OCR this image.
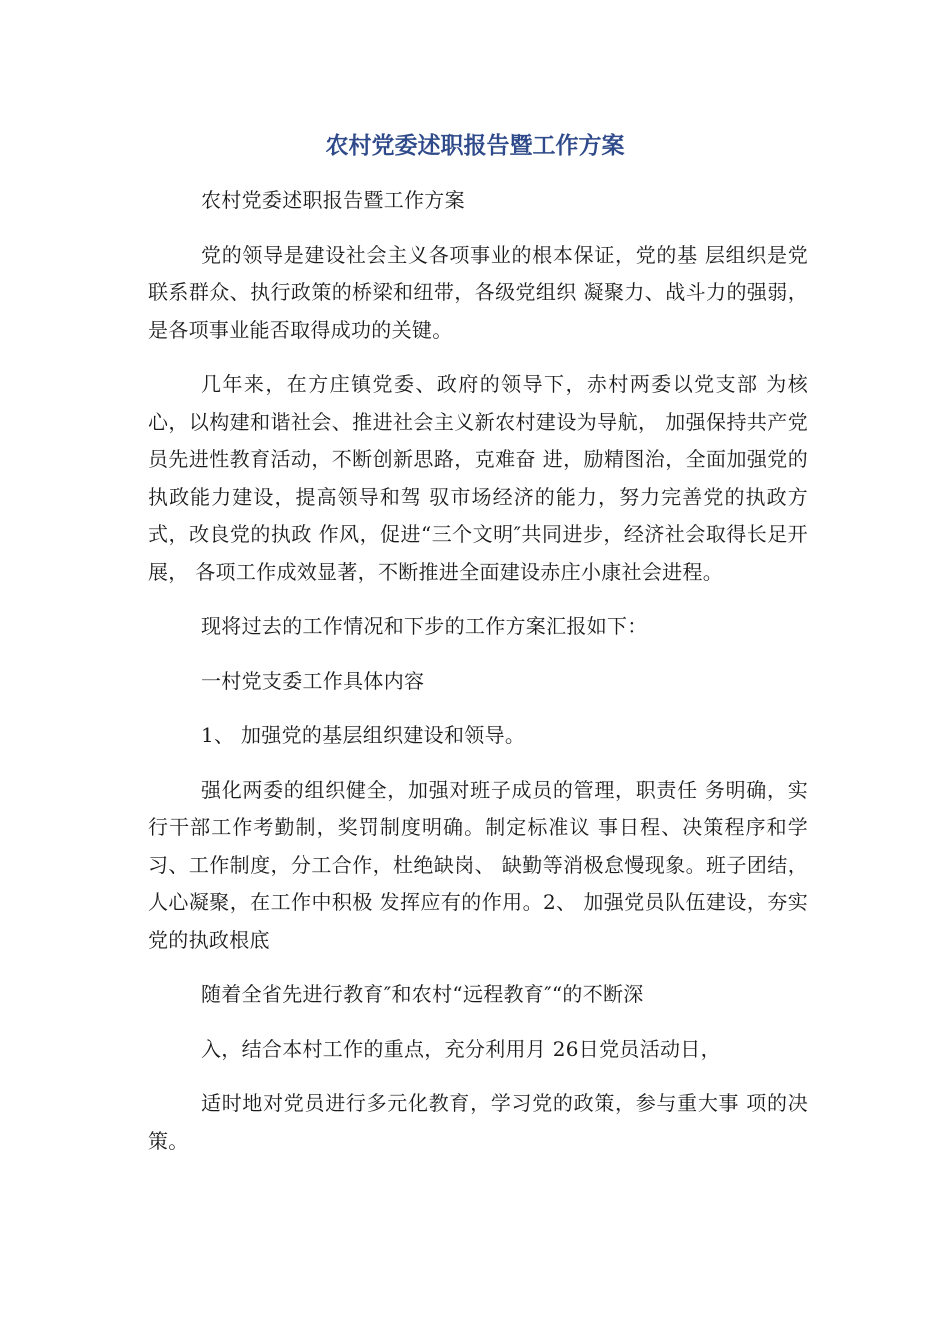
农村党委述职报告暨工作方案

农村党委述职报告暨工作方案

党的领导是建设社会主义各项事业的根本保证，党的基 层组织是党联系群众、执行政策的桥梁和纽带，各级党组织 凝聚力、战斗力的强弱，是各项事业能否取得成功的关键。

几年来，在方庄镇党委、政府的领导下，赤村两委以党支部 为核心，以构建和谐社会、推进社会主义新农村建设为导航， 加强保持共产党员先进性教育活动，不断创新思路，克难奋 进，励精图治，全面加强党的执政能力建设，提高领导和驾 驭市场经济的能力，努力完善党的执政方式，改良党的执政 作风，促进“三个文明″共同进步，经济社会取得长足开展， 各项工作成效显著，不断推进全面建设赤庄小康社会进程。

现将过去的工作情况和下步的工作方案汇报如下：

一村党支委工作具体内容

1、 加强党的基层组织建设和领导。

强化两委的组织健全，加强对班子成员的管理，职责任 务明确，实行干部工作考勤制，奖罚制度明确。制定标准议 事日程、决策程序和学习、工作制度，分工合作，杜绝缺岗、 缺勤等消极怠慢现象。班子团结，人心凝聚，在工作中积极 发挥应有的作用。2、 加强党员队伍建设，夯实党的执政根底

随着全省先进行教育″和农村“远程教育″“的不断深

入，结合本村工作的重点，充分利用月 26日党员活动日，

适时地对党员进行多元化教育，学习党的政策，参与重大事 项的决策。
